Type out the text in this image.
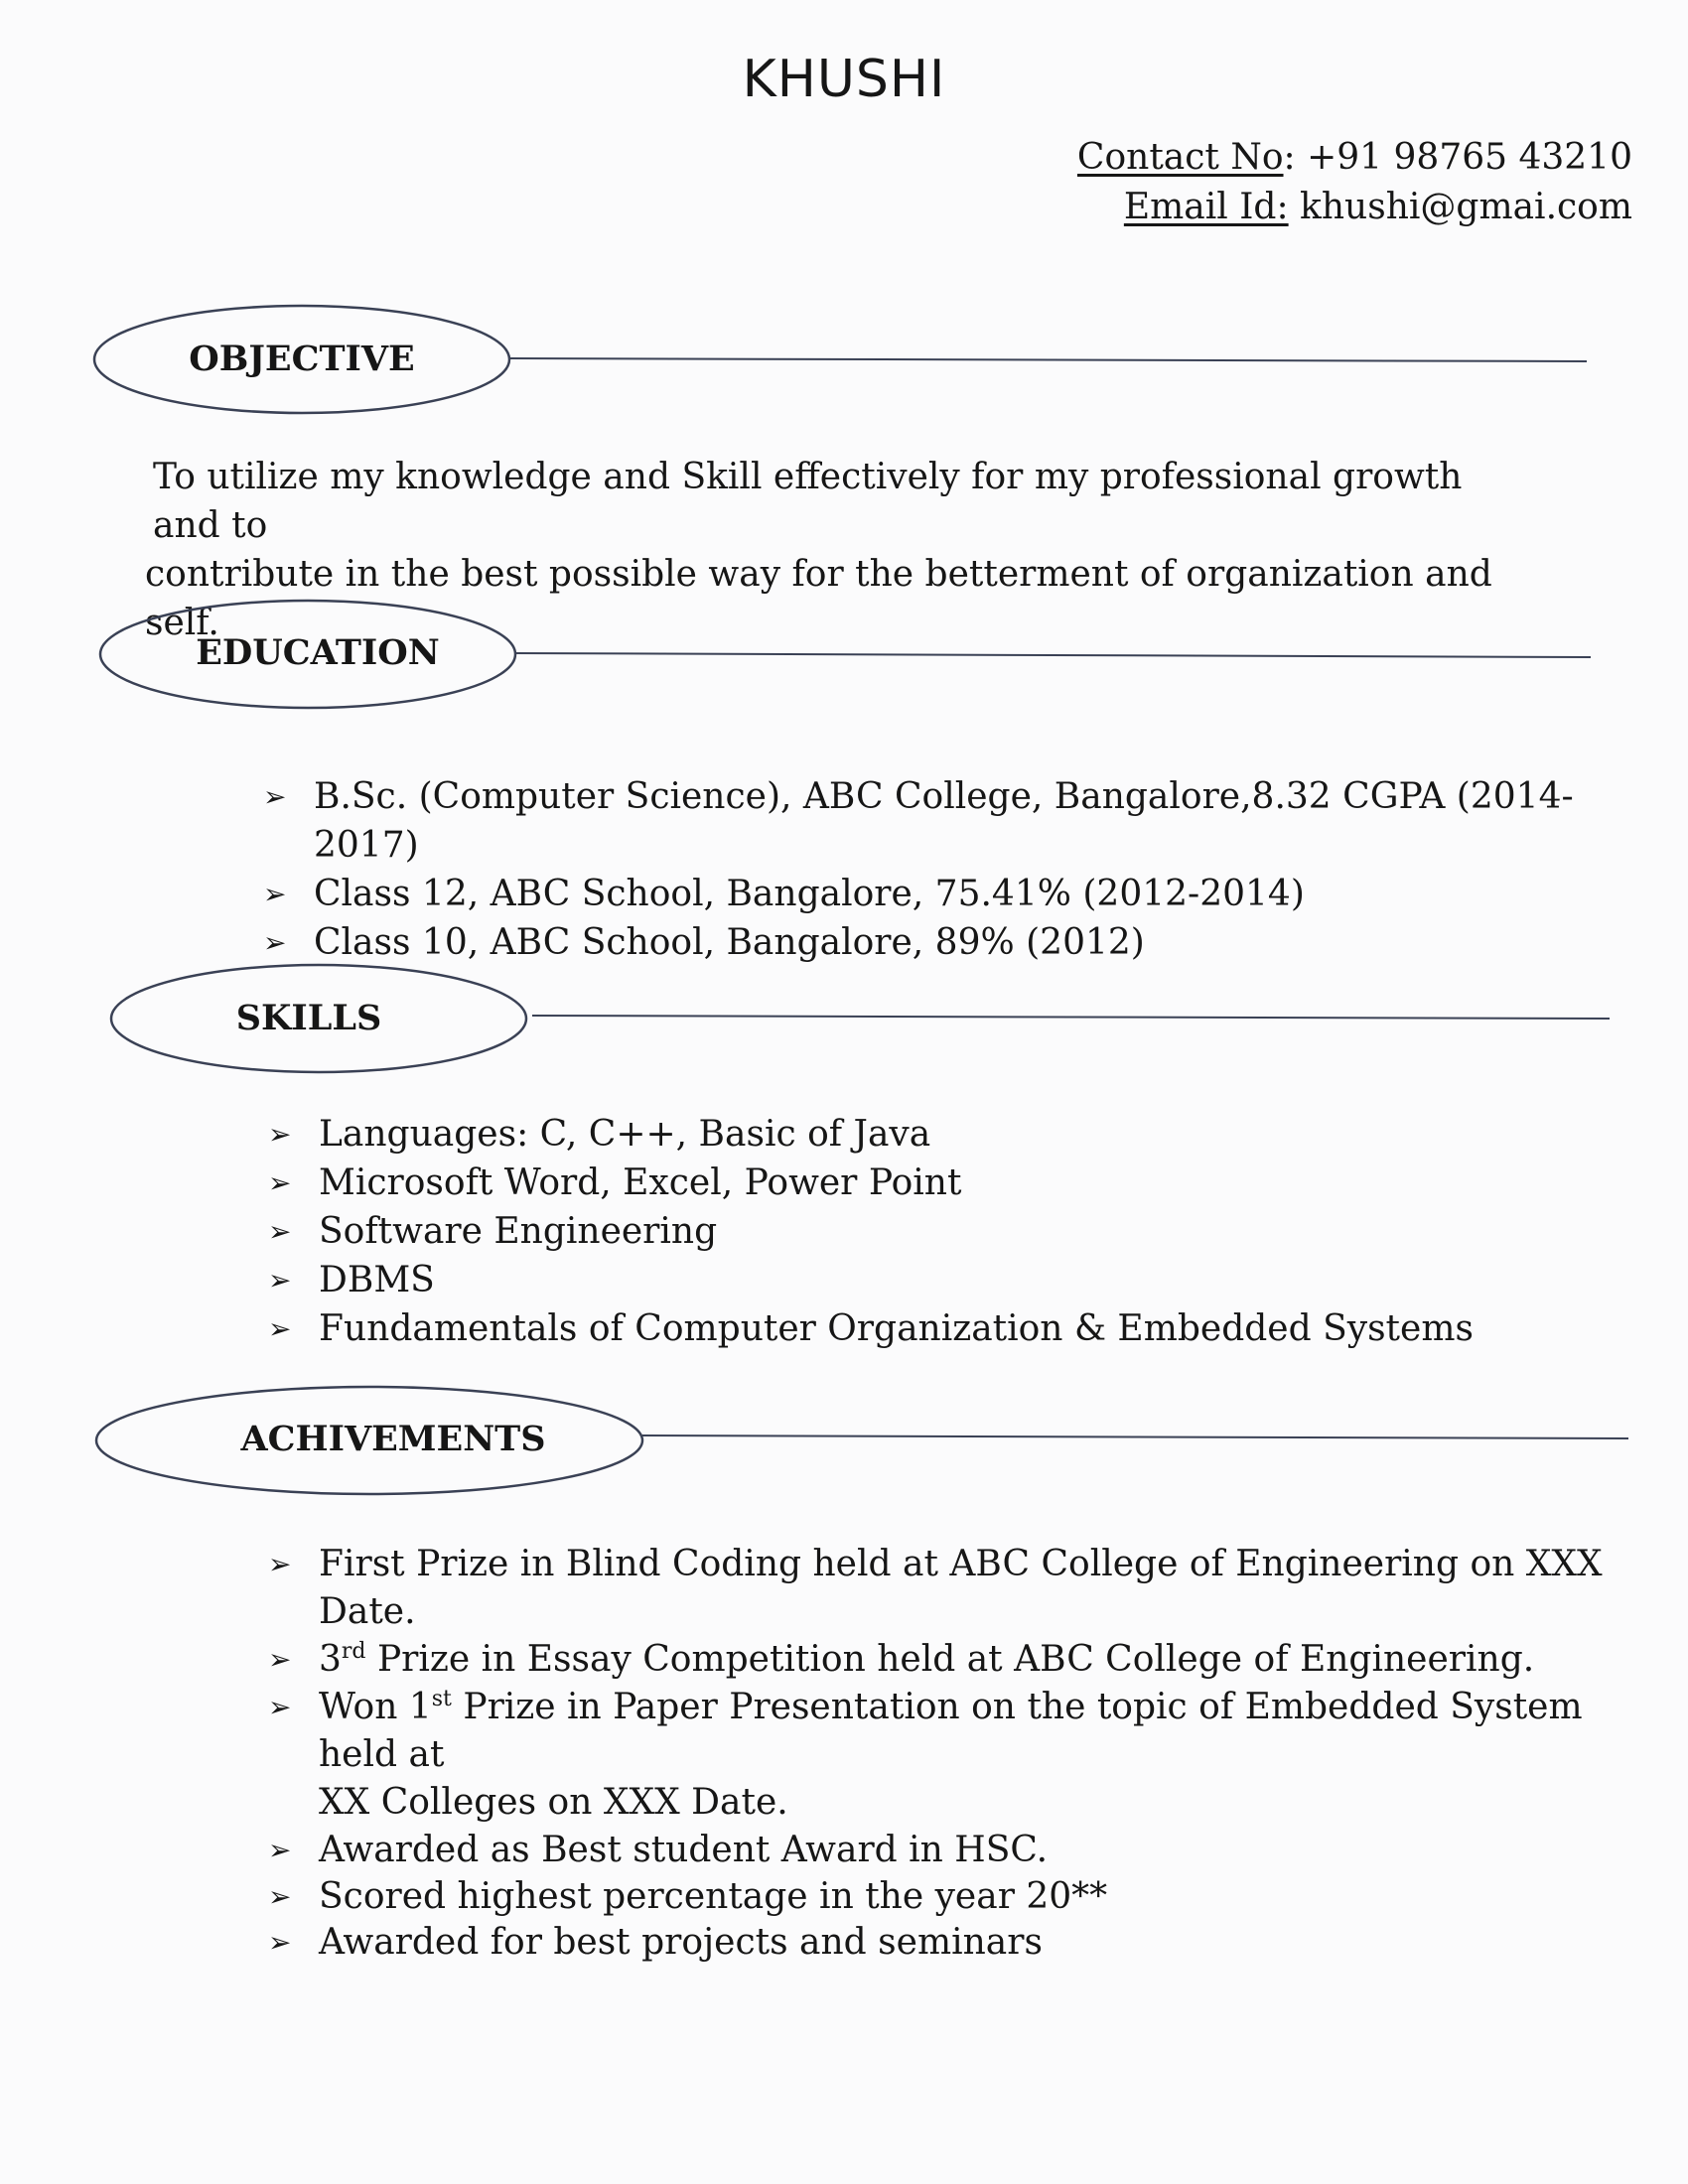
KHUSHI
Contact No: +91 98765 43210
Email Id: khushi@gmai.com
OBJECTIVE

To utilize my knowledge and Skill effectively for my professional growth and to

contribute in the best possible way for the betterment of organization and self.

EDUCATION
➢ B.Sc. (Computer Science), ABC College, Bangalore,8.32 CGPA (2014-2017)
➢ Class 12, ABC School, Bangalore, 75.41% (2012-2014)
➢ Class 10, ABC School, Bangalore, 89% (2012)
SKILLS
➢ Languages: C, C++, Basic of Java
➢ Microsoft Word, Excel, Power Point
➢ Software Engineering
➢ DBMS
➢ Fundamentals of Computer Organization & Embedded Systems
ACHIVEMENTS
➢ First Prize in Blind Coding held at ABC College of Engineering on XXX Date.
➢ 3rd Prize in Essay Competition held at ABC College of Engineering.
➢ Won 1st Prize in Paper Presentation on the topic of Embedded System held at
XX Colleges on XXX Date.
➢ Awarded as Best student Award in HSC.
➢ Scored highest percentage in the year 20**
➢ Awarded for best projects and seminars
